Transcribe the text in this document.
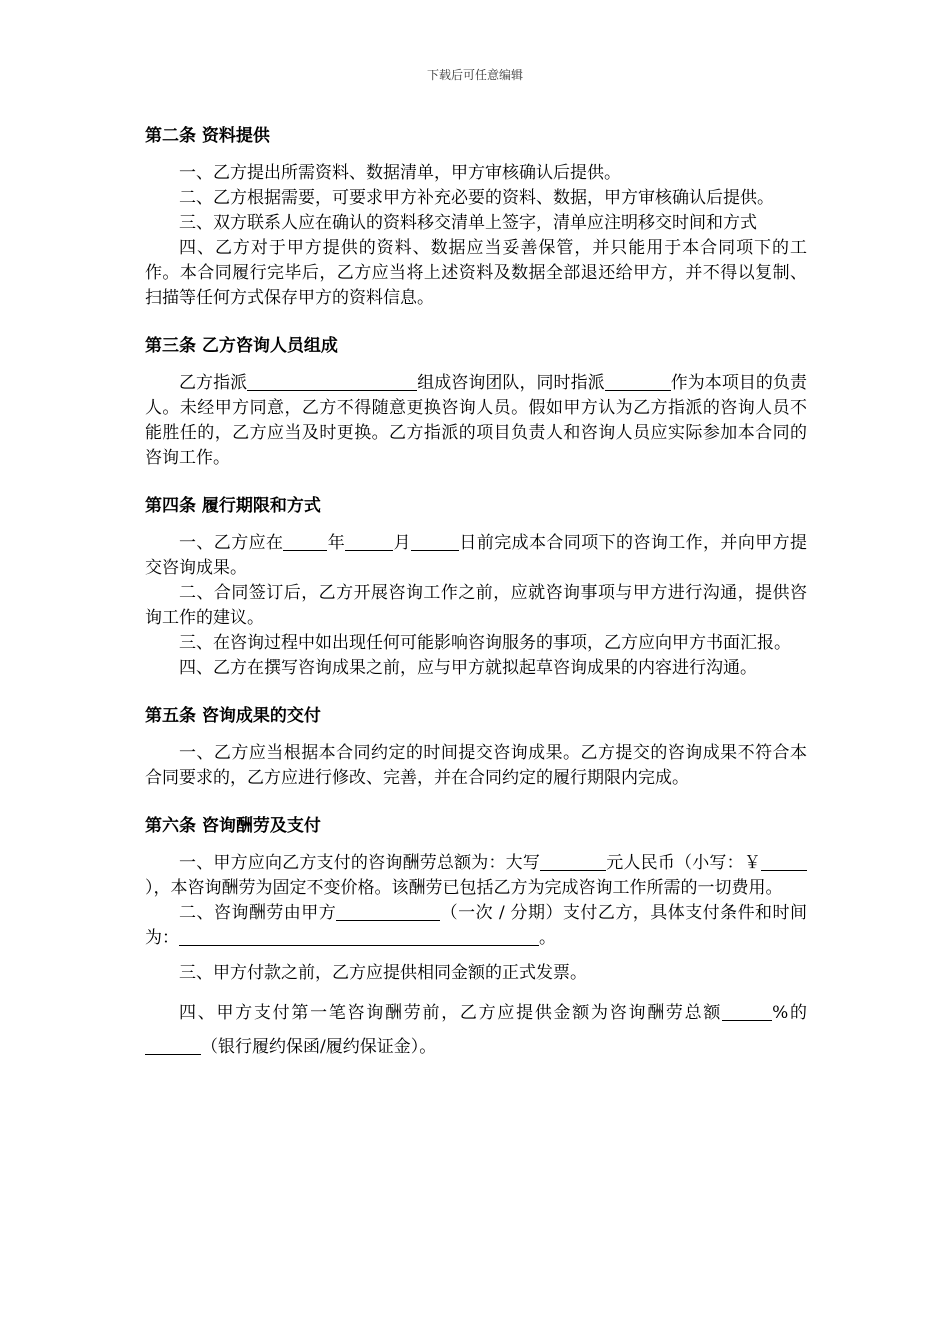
下载后可任意编辑
第二条 资料提供

一、乙方提出所需资料、数据清单，甲方审核确认后提供。

二、乙方根据需要，可要求甲方补充必要的资料、数据，甲方审核确认后提供。

三、双方联系人应在确认的资料移交清单上签字，清单应注明移交时间和方式

四、乙方对于甲方提供的资料、数据应当妥善保管，并只能用于本合同项下的工作。本合同履行完毕后，乙方应当将上述资料及数据全部退还给甲方，并不得以复制、扫描等任何方式保存甲方的资料信息。

第三条 乙方咨询人员组成

乙方指派	组成咨询团队，同时指派	作为本项目的负责人。未经甲方同意，乙方不得随意更换咨询人员。假如甲方认为乙方指派的咨询人员不能胜任的，乙方应当及时更换。乙方指派的项目负责人和咨询人员应实际参加本合同的咨询工作。

第四条 履行期限和方式

一、乙方应在	年	月	日前完成本合同项下的咨询工作，并向甲方提交咨询成果。

二、合同签订后，乙方开展咨询工作之前，应就咨询事项与甲方进行沟通，提供咨询工作的建议。

三、在咨询过程中如出现任何可能影响咨询服务的事项，乙方应向甲方书面汇报。

四、乙方在撰写咨询成果之前，应与甲方就拟起草咨询成果的内容进行沟通。

第五条 咨询成果的交付

一、乙方应当根据本合同约定的时间提交咨询成果。乙方提交的咨询成果不符合本合同要求的，乙方应进行修改、完善，并在合同约定的履行期限内完成。

第六条 咨询酬劳及支付

一、甲方应向乙方支付的咨询酬劳总额为：大写	元人民币（小写：￥），本咨询酬劳为固定不变价格。该酬劳已包括乙方为完成咨询工作所需的一切费用。

二、咨询酬劳由甲方	（一次 / 分期）支付乙方，具体支付条件和时间为：	。

三、甲方付款之前，乙方应提供相同金额的正式发票。

四、甲方支付第一笔咨询酬劳前，乙方应提供金额为咨询酬劳总额	%的（银行履约保函/履约保证金）。
